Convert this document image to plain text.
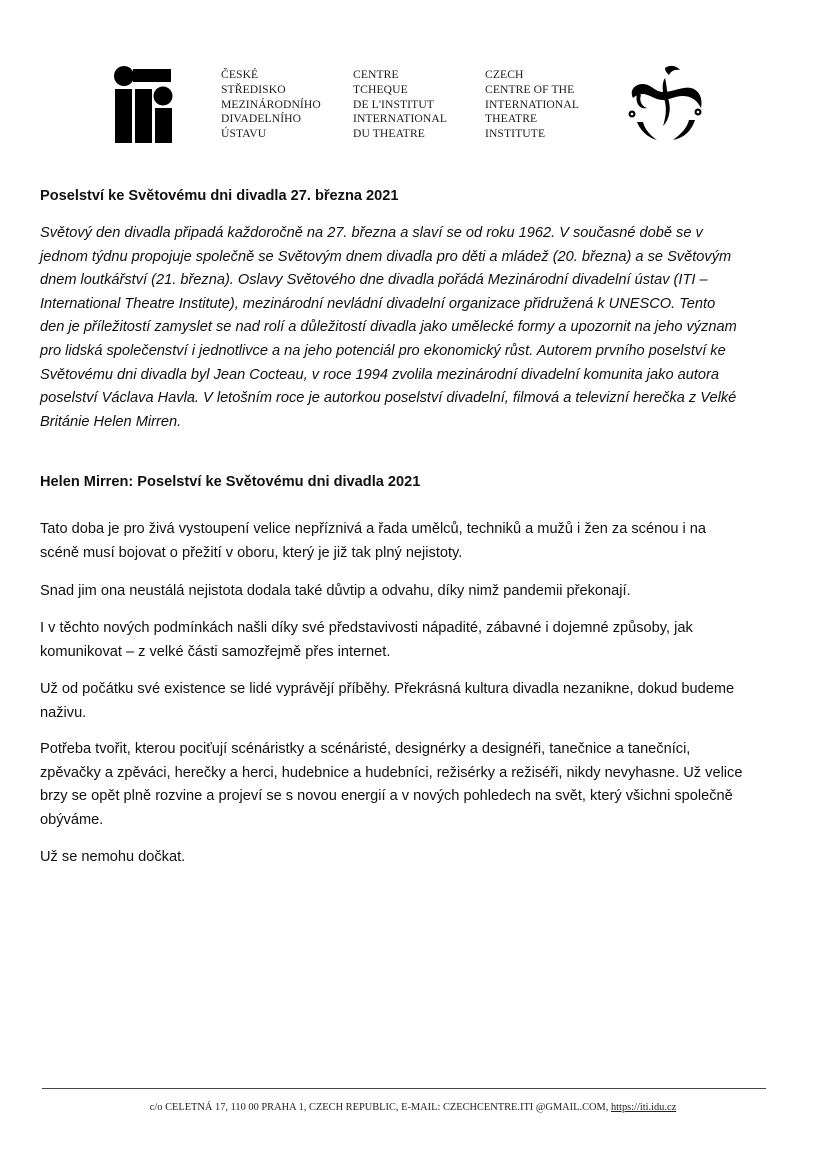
ČESKÉ
STŘEDISKO
MEZINÁRODNÍHO
DIVADELNÍHO
ÚSTAVU
CENTRE
TCHEQUE
DE L'INSTITUT
INTERNATIONAL
DU THEATRE
CZECH
CENTRE OF THE
INTERNATIONAL
THEATRE
INSTITUTE
Poselství ke Světovému dni divadla 27. března 2021
Světový den divadla připadá každoročně na 27. března a slaví se od roku 1962. V současné době se v
jednom týdnu propojuje společně se Světovým dnem divadla pro děti a mládež (20. března) a se Světovým
dnem loutkářství (21. března). Oslavy Světového dne divadla pořádá Mezinárodní divadelní ústav (ITI –
International Theatre Institute), mezinárodní nevládní divadelní organizace přidružená k UNESCO. Tento
den je příležitostí zamyslet se nad rolí a důležitostí divadla jako umělecké formy a upozornit na jeho význam
pro lidská společenství i jednotlivce a na jeho potenciál pro ekonomický růst. Autorem prvního poselství ke
Světovému dni divadla byl Jean Cocteau, v roce 1994 zvolila mezinárodní divadelní komunita jako autora
poselství Václava Havla. V letošním roce je autorkou poselství divadelní, filmová a televizní herečka z Velké
Británie Helen Mirren.
Helen Mirren: Poselství ke Světovému dni divadla 2021
Tato doba je pro živá vystoupení velice nepříznivá a řada umělců, techniků a mužů i žen za scénou i na
scéně musí bojovat o přežití v oboru, který je již tak plný nejistoty.
Snad jim ona neustálá nejistota dodala také důvtip a odvahu, díky nimž pandemii překonají.
I v těchto nových podmínkách našli díky své představivosti nápadité, zábavné i dojemné způsoby, jak
komunikovat – z velké části samozřejmě přes internet.
Už od počátku své existence se lidé vyprávějí příběhy. Překrásná kultura divadla nezanikne, dokud budeme
naživu.
Potřeba tvořit, kterou pociťují scénáristky a scénáristé, designérky a designéři, tanečnice a tanečníci,
zpěvačky a zpěváci, herečky a herci, hudebnice a hudebníci, režisérky a režiséři, nikdy nevyhasne. Už velice
brzy se opět plně rozvine a projeví se s novou energií a v nových pohledech na svět, který všichni společně
obýváme.
Už se nemohu dočkat.
c/o CELETNÁ 17, 110 00 PRAHA 1, CZECH REPUBLIC, E-MAIL: CZECHCENTRE.ITI @GMAIL.COM, https://iti.idu.cz
